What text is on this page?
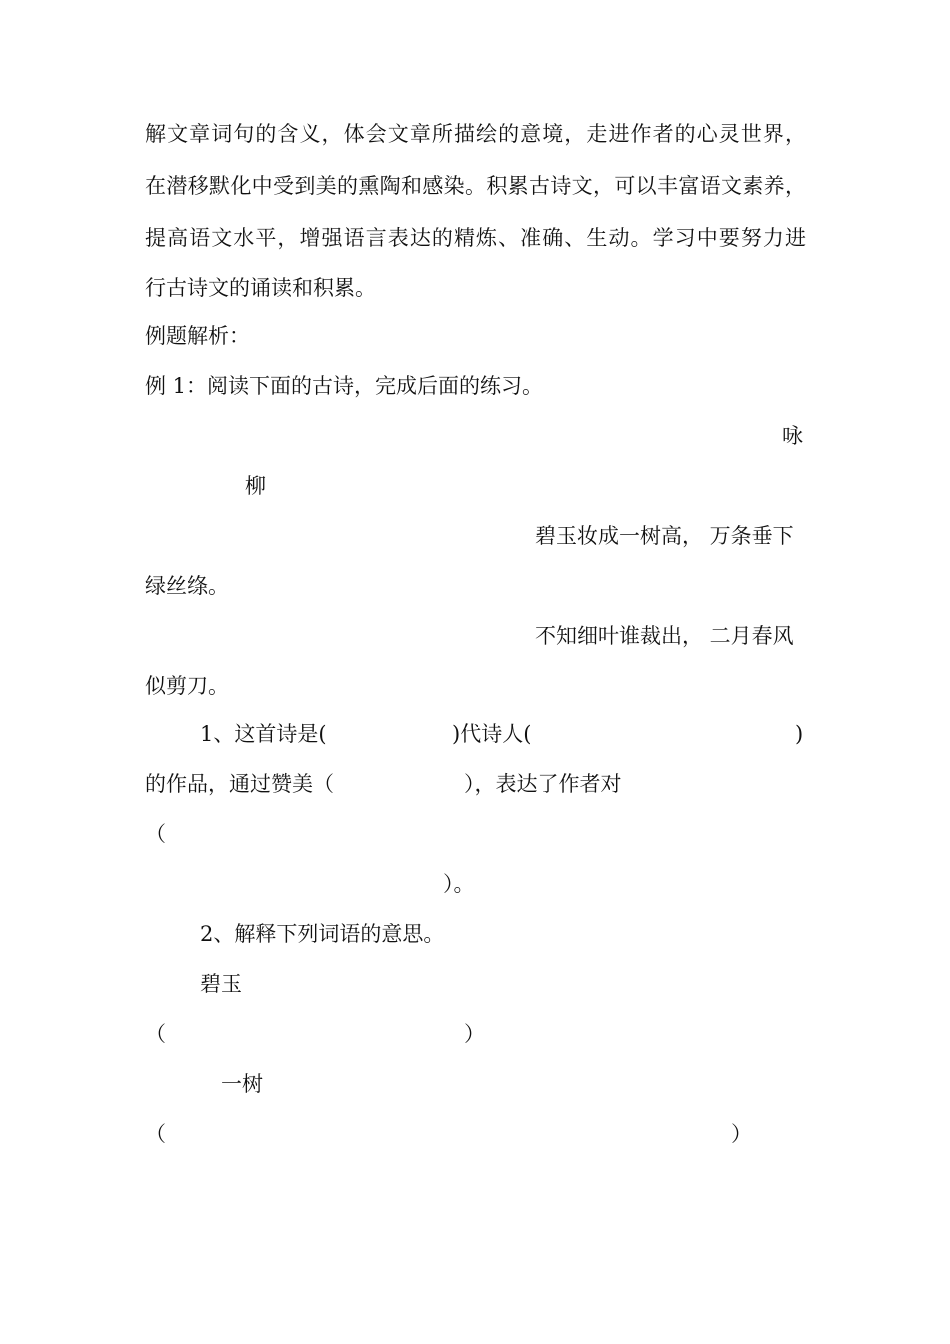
解文章词句的含义，体会文章所描绘的意境，走进作者的心灵世界，
在潜移默化中受到美的熏陶和感染。积累古诗文，可以丰富语文素养，
提高语文水平，增强语言表达的精炼、准确、生动。学习中要努力进
行古诗文的诵读和积累。
例题解析：
例 1：阅读下面的古诗，完成后面的练习。
咏
柳
碧玉妆成一树高， 万条垂下
绿丝绦。
不知细叶谁裁出， 二月春风
似剪刀。
1、这首诗是(	)代诗人(	)
的作品，通过赞美（	），表达了作者对
（
）。
2、解释下列词语的意思。
碧玉
（	）
一树
（	）
